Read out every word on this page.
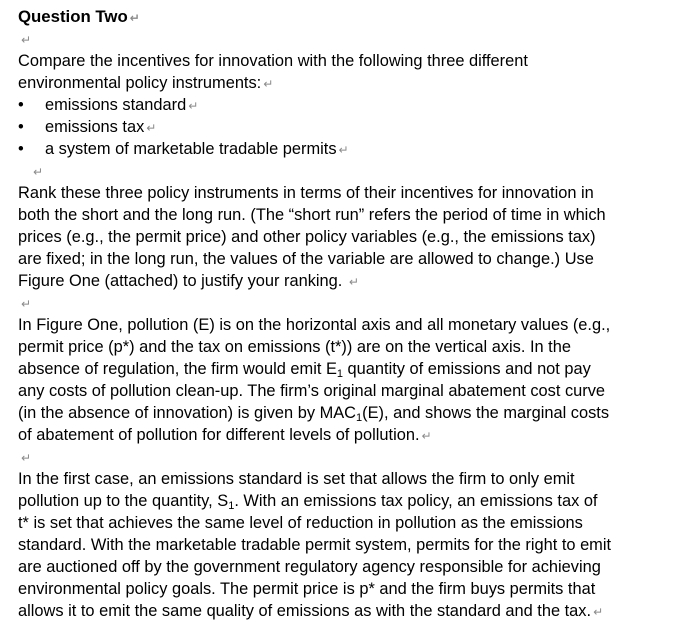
Question Two ↵
↵
Compare the incentives for innovation with the following three different
environmental policy instruments: ↵
•	emissions standard ↵
•	emissions tax ↵
•	a system of marketable tradable permits ↵
↵
Rank these three policy instruments in terms of their incentives for innovation in
both the short and the long run. (The “short run” refers the period of time in which
prices (e.g., the permit price) and other policy variables (e.g., the emissions tax)
are fixed; in the long run, the values of the variable are allowed to change.) Use
Figure One (attached) to justify your ranking. ↵
↵
In Figure One, pollution (E) is on the horizontal axis and all monetary values (e.g.,
permit price (p*) and the tax on emissions (t*)) are on the vertical axis. In the
absence of regulation, the firm would emit $E_1$ quantity of emissions and not pay
any costs of pollution clean-up. The firm’s original marginal abatement cost curve
(in the absence of innovation) is given by $MAC_1(E)$, and shows the marginal costs
of abatement of pollution for different levels of pollution. ↵
↵
In the first case, an emissions standard is set that allows the firm to only emit
pollution up to the quantity, $S_1$. With an emissions tax policy, an emissions tax of
t* is set that achieves the same level of reduction in pollution as the emissions
standard. With the marketable tradable permit system, permits for the right to emit
are auctioned off by the government regulatory agency responsible for achieving
environmental policy goals. The permit price is p* and the firm buys permits that
allows it to emit the same quality of emissions as with the standard and the tax.↵
